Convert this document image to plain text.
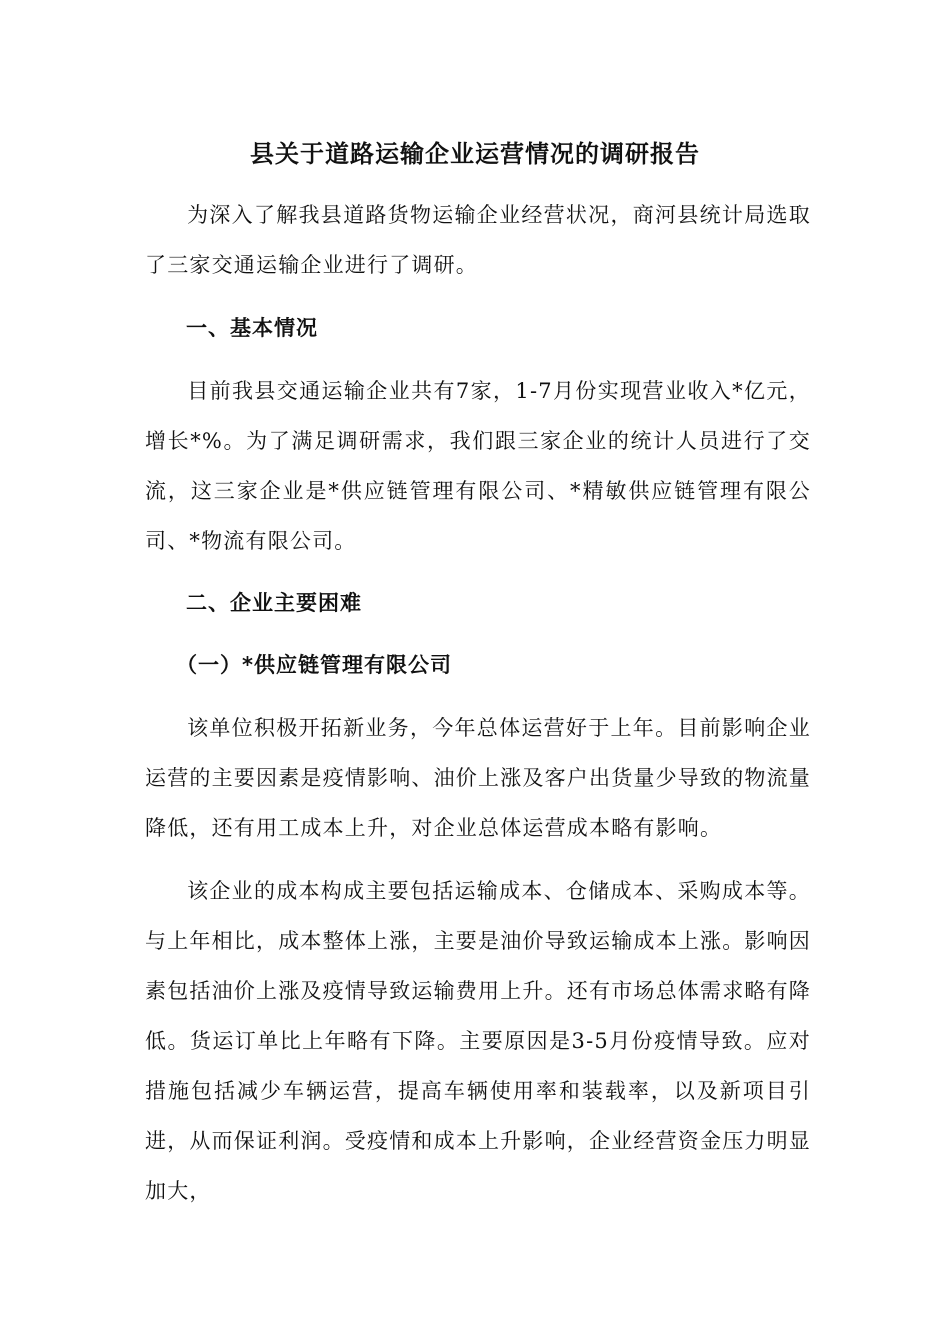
县关于道路运输企业运营情况的调研报告

为深入了解我县道路货物运输企业经营状况，商河县统计局选取了三家交通运输企业进行了调研。

一、基本情况

目前我县交通运输企业共有7家，1-7月份实现营业收入*亿元，增长*%。为了满足调研需求，我们跟三家企业的统计人员进行了交流，这三家企业是*供应链管理有限公司、*精敏供应链管理有限公司、*物流有限公司。

二、企业主要困难
（一）*供应链管理有限公司

该单位积极开拓新业务，今年总体运营好于上年。目前影响企业运营的主要因素是疫情影响、油价上涨及客户出货量少导致的物流量降低，还有用工成本上升，对企业总体运营成本略有影响。

该企业的成本构成主要包括运输成本、仓储成本、采购成本等。与上年相比，成本整体上涨，主要是油价导致运输成本上涨。影响因素包括油价上涨及疫情导致运输费用上升。还有市场总体需求略有降低。货运订单比上年略有下降。主要原因是3-5月份疫情导致。应对措施包括减少车辆运营，提高车辆使用率和装载率，以及新项目引进，从而保证利润。受疫情和成本上升影响，企业经营资金压力明显加大，
